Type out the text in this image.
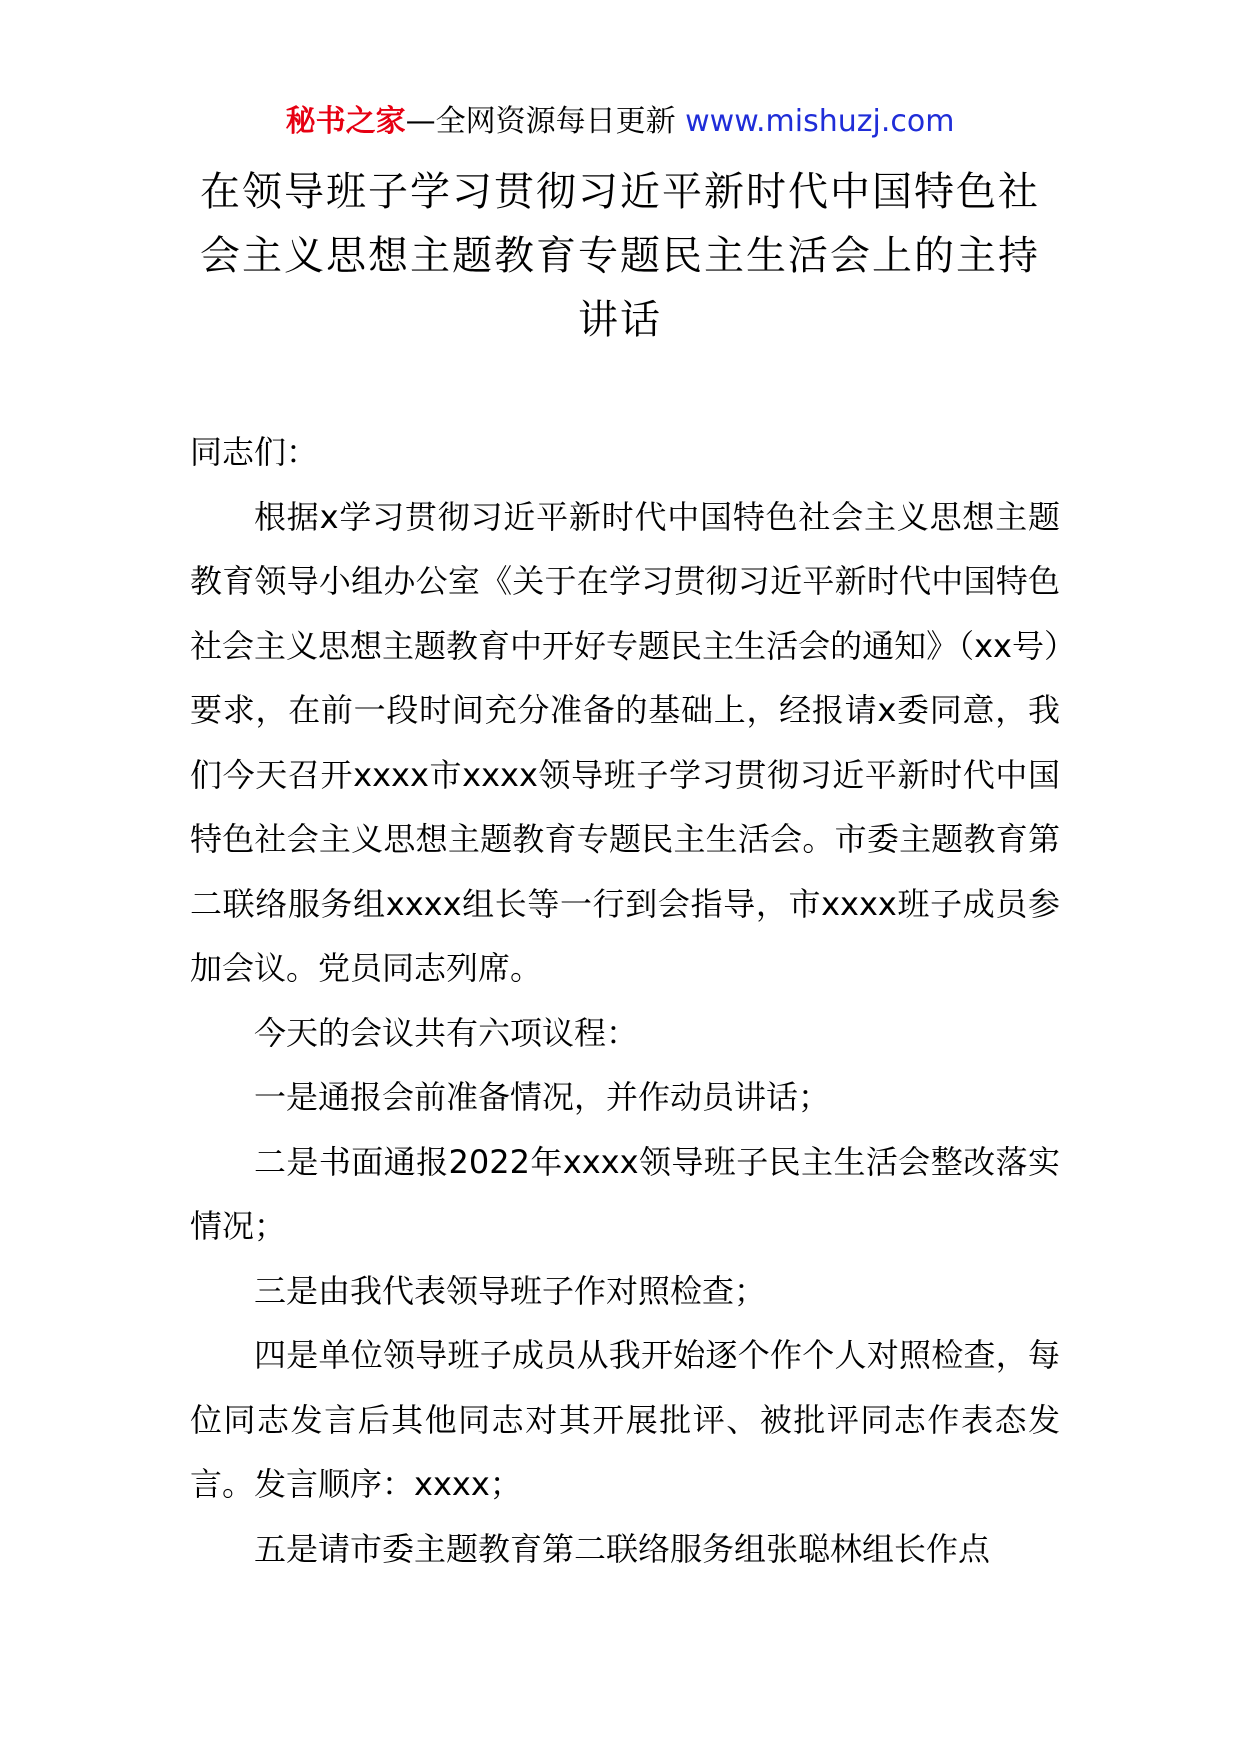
秘书之家—全网资源每日更新 www.mishuzj.com
在领导班子学习贯彻习近平新时代中国特色社会主义思想主题教育专题民主生活会上的主持讲话

同志们：

根据x学习贯彻习近平新时代中国特色社会主义思想主题教育领导小组办公室《关于在学习贯彻习近平新时代中国特色社会主义思想主题教育中开好专题民主生活会的通知》（xx号）要求，在前一段时间充分准备的基础上，经报请x委同意，我们今天召开xxxx市xxxx领导班子学习贯彻习近平新时代中国特色社会主义思想主题教育专题民主生活会。市委主题教育第二联络服务组xxxx组长等一行到会指导，市xxxx班子成员参加会议。党员同志列席。

今天的会议共有六项议程：

一是通报会前准备情况，并作动员讲话；

二是书面通报2022年xxxx领导班子民主生活会整改落实情况；

三是由我代表领导班子作对照检查；

四是单位领导班子成员从我开始逐个作个人对照检查，每位同志发言后其他同志对其开展批评、被批评同志作表态发言。发言顺序：xxxx；

五是请市委主题教育第二联络服务组张聪林组长作点
